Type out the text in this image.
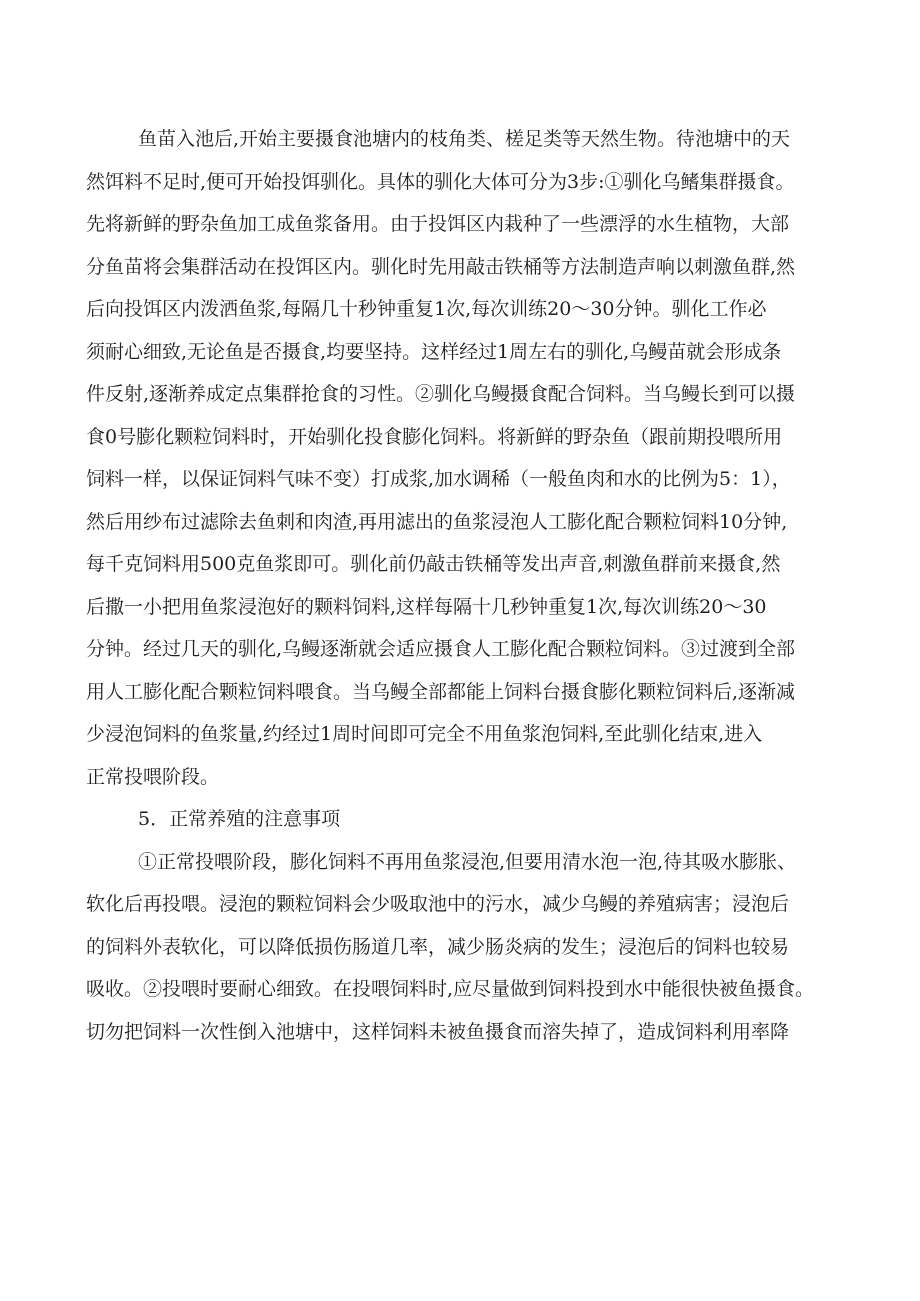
鱼苗入池后,开始主要摄食池塘内的枝角类、槎足类等天然生物。待池塘中的天
然饵料不足时,便可开始投饵驯化。具体的驯化大体可分为3步:①驯化乌鳍集群摄食。
先将新鲜的野杂鱼加工成鱼浆备用。由于投饵区内栽种了一些漂浮的水生植物，大部
分鱼苗将会集群活动在投饵区内。驯化时先用敲击铁桶等方法制造声响以刺激鱼群,然
后向投饵区内泼洒鱼浆,每隔几十秒钟重复1次,每次训练20～30分钟。驯化工作必
须耐心细致,无论鱼是否摄食,均要坚持。这样经过1周左右的驯化,乌鳗苗就会形成条
件反射,逐渐养成定点集群抢食的习性。②驯化乌鳗摄食配合饲料。当乌鳗长到可以摄
食0号膨化颗粒饲料时，开始驯化投食膨化饲料。将新鲜的野杂鱼（跟前期投喂所用
饲料一样，以保证饲料气味不变）打成浆,加水调稀（一般鱼肉和水的比例为5：1），
然后用纱布过滤除去鱼刺和肉渣,再用滤出的鱼浆浸泡人工膨化配合颗粒饲料10分钟,
每千克饲料用500克鱼浆即可。驯化前仍敲击铁桶等发出声音,刺激鱼群前来摄食,然
后撒一小把用鱼浆浸泡好的颗料饲料,这样每隔十几秒钟重复1次,每次训练20～30
分钟。经过几天的驯化,乌鳗逐渐就会适应摄食人工膨化配合颗粒饲料。③过渡到全部
用人工膨化配合颗粒饲料喂食。当乌鳗全部都能上饲料台摄食膨化颗粒饲料后,逐渐减
少浸泡饲料的鱼浆量,约经过1周时间即可完全不用鱼浆泡饲料,至此驯化结束,进入
正常投喂阶段。
5．正常养殖的注意事项
①正常投喂阶段，膨化饲料不再用鱼浆浸泡,但要用清水泡一泡,待其吸水膨胀、
软化后再投喂。浸泡的颗粒饲料会少吸取池中的污水，减少乌鳗的养殖病害；浸泡后
的饲料外表软化，可以降低损伤肠道几率，减少肠炎病的发生；浸泡后的饲料也较易
吸收。②投喂时要耐心细致。在投喂饲料时,应尽量做到饲料投到水中能很快被鱼摄食。
切勿把饲料一次性倒入池塘中，这样饲料未被鱼摄食而溶失掉了，造成饲料利用率降
